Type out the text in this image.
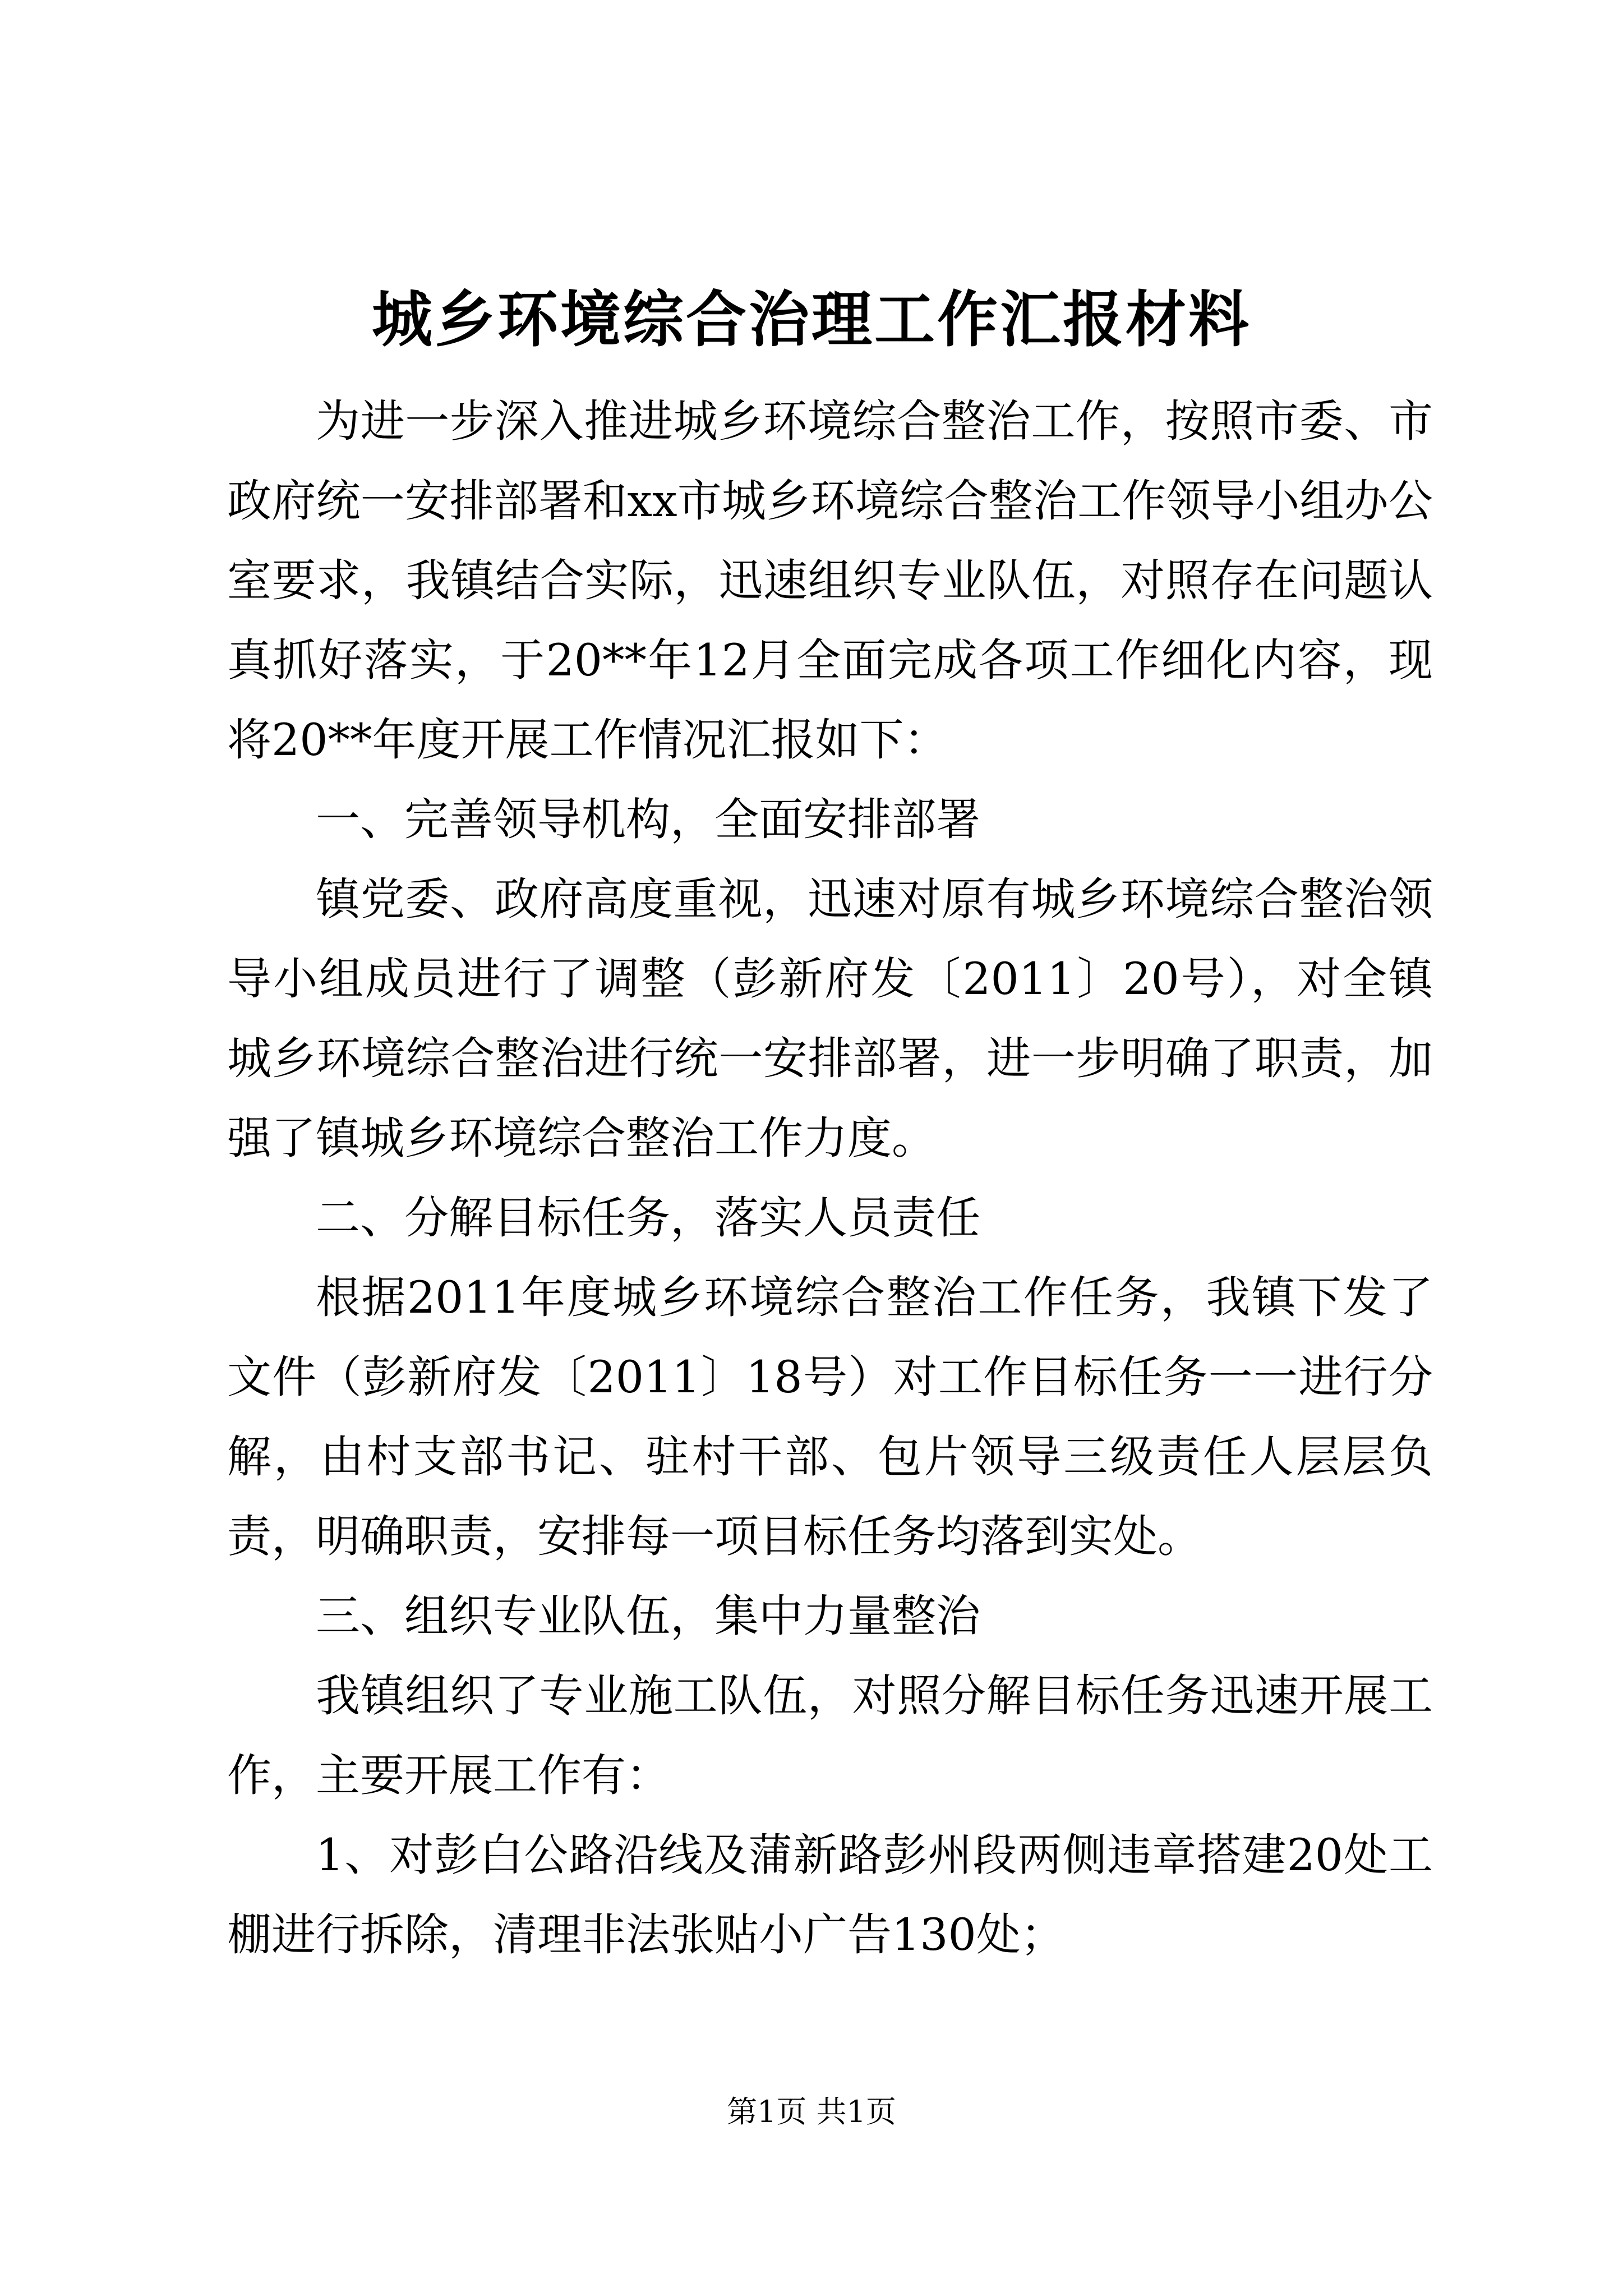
城乡环境综合治理工作汇报材料

为进一步深入推进城乡环境综合整治工作，按照市委、市政府统一安排部署和xx市城乡环境综合整治工作领导小组办公室要求，我镇结合实际，迅速组织专业队伍，对照存在问题认真抓好落实，于20**年12月全面完成各项工作细化内容，现将20**年度开展工作情况汇报如下：

一、完善领导机构，全面安排部署

镇党委、政府高度重视，迅速对原有城乡环境综合整治领导小组成员进行了调整（彭新府发〔2011〕20号），对全镇城乡环境综合整治进行统一安排部署，进一步明确了职责，加强了镇城乡环境综合整治工作力度。

二、分解目标任务，落实人员责任

根据2011年度城乡环境综合整治工作任务，我镇下发了文件（彭新府发〔2011〕18号）对工作目标任务一一进行分解，由村支部书记、驻村干部、包片领导三级责任人层层负责，明确职责，安排每一项目标任务均落到实处。

三、组织专业队伍，集中力量整治

我镇组织了专业施工队伍，对照分解目标任务迅速开展工作，主要开展工作有：

1、对彭白公路沿线及蒲新路彭州段两侧违章搭建20处工棚进行拆除，清理非法张贴小广告130处；

第1页 共1页
